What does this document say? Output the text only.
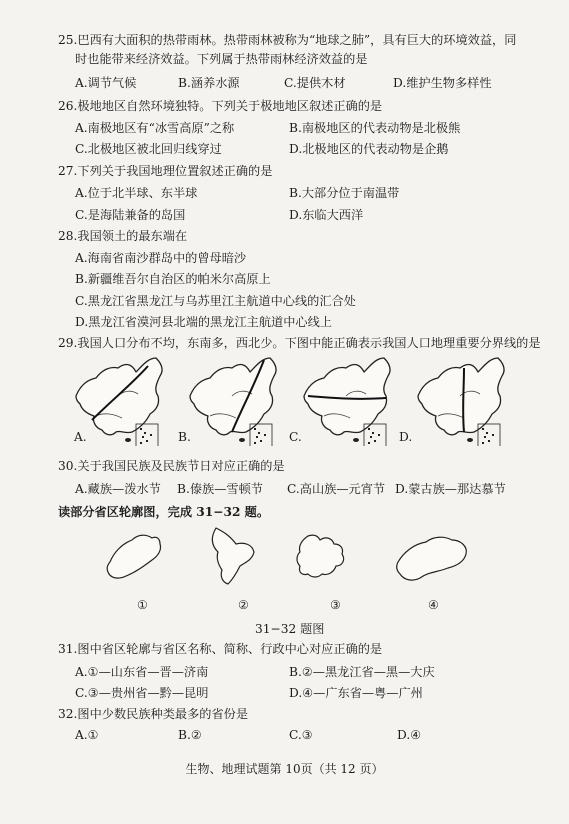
25.巴西有大面积的热带雨林。热带雨林被称为“地球之肺”，具有巨大的环境效益，同
时也能带来经济效益。下列属于热带雨林经济效益的是
A.调节气候	B.涵养水源	C.提供木材	D.维护生物多样性
26.极地地区自然环境独特。下列关于极地地区叙述正确的是
A.南极地区有“冰雪高原”之称	B.南极地区的代表动物是北极熊
C.北极地区被北回归线穿过	D.北极地区的代表动物是企鹅
27.下列关于我国地理位置叙述正确的是
A.位于北半球、东半球	B.大部分位于南温带
C.是海陆兼备的岛国	D.东临大西洋
28.我国领土的最东端在
A.海南省南沙群岛中的曾母暗沙
B.新疆维吾尔自治区的帕米尔高原上
C.黑龙江省黑龙江与乌苏里江主航道中心线的汇合处
D.黑龙江省漠河县北端的黑龙江主航道中心线上
29.我国人口分布不均，东南多，西北少。下图中能正确表示我国人口地理重要分界线的是
A.	B.	C.	D.
30.关于我国民族及民族节日对应正确的是
A.藏族—泼水节 B.傣族—雪顿节 C.高山族—元宵节 D.蒙古族—那达慕节
读部分省区轮廓图，完成 31−32 题。
①	②	③	④
31−32 题图
31.图中省区轮廓与省区名称、简称、行政中心对应正确的是
A.①—山东省—晋—济南	B.②—黑龙江省—黑—大庆
C.③—贵州省—黔—昆明	D.④—广东省—粤—广州
32.图中少数民族种类最多的省份是
A.①	B.②	C.③	D.④
生物、地理试题第 10页（共 12 页）
